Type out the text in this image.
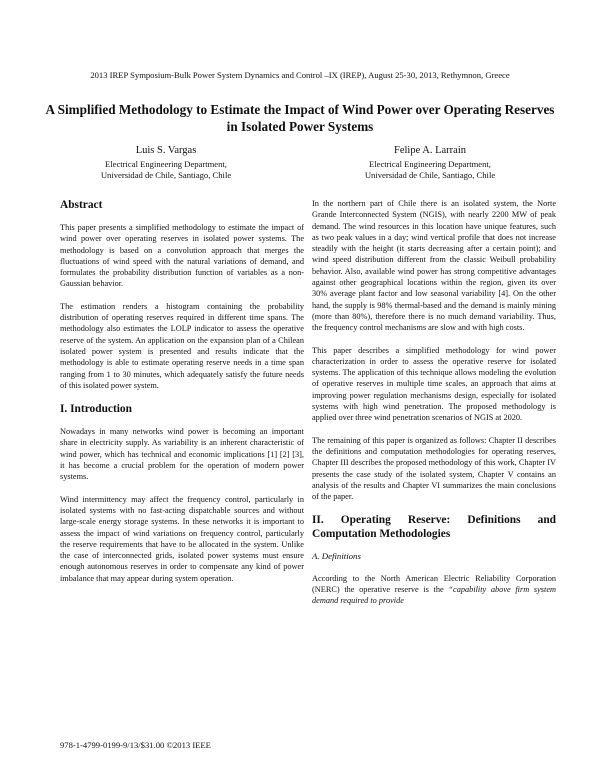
2013 IREP Symposium-Bulk Power System Dynamics and Control –IX (IREP), August 25-30, 2013, Rethymnon, Greece
A Simplified Methodology to Estimate the Impact of Wind Power over Operating Reserves in Isolated Power Systems
Luis S. Vargas
Electrical Engineering Department,
Universidad de Chile, Santiago, Chile
Felipe A. Larrain
Electrical Engineering Department,
Universidad de Chile, Santiago, Chile
Abstract

This paper presents a simplified methodology to estimate the impact of wind power over operating reserves in isolated power systems. The methodology is based on a convolution approach that merges the fluctuations of wind speed with the natural variations of demand, and formulates the probability distribution function of variables as a non-Gaussian behavior.

The estimation renders a histogram containing the probability distribution of operating reserves required in different time spans. The methodology also estimates the LOLP indicator to assess the operative reserve of the system. An application on the expansion plan of a Chilean isolated power system is presented and results indicate that the methodology is able to estimate operating reserve needs in a time span ranging from 1 to 30 minutes, which adequately satisfy the future needs of this isolated power system.

I. Introduction

Nowadays in many networks wind power is becoming an important share in electricity supply. As variability is an inherent characteristic of wind power, which has technical and economic implications [1] [2] [3], it has become a crucial problem for the operation of modern power systems.

Wind intermittency may affect the frequency control, particularly in isolated systems with no fast-acting dispatchable sources and without large-scale energy storage systems. In these networks it is important to assess the impact of wind variations on frequency control, particularly the reserve requirements that have to be allocated in the system. Unlike the case of interconnected grids, isolated power systems must ensure enough autonomous reserves in order to compensate any kind of power imbalance that may appear during system operation.

In the northern part of Chile there is an isolated system, the Norte Grande Interconnected System (NGIS), with nearly 2200 MW of peak demand. The wind resources in this location have unique features, such as two peak values in a day; wind vertical profile that does not increase steadily with the height (it starts decreasing after a certain point); and wind speed distribution different from the classic Weibull probability behavior. Also, available wind power has strong competitive advantages against other geographical locations within the region, given its over 30% average plant factor and low seasonal variability [4]. On the other hand, the supply is 98% thermal-based and the demand is mainly mining (more than 80%), therefore there is no much demand variability. Thus, the frequency control mechanisms are slow and with high costs.

This paper describes a simplified methodology for wind power characterization in order to assess the operative reserve for isolated systems. The application of this technique allows modeling the evolution of operative reserves in multiple time scales, an approach that aims at improving power regulation mechanisms design, especially for isolated systems with high wind penetration. The proposed methodology is applied over three wind penetration scenarios of NGIS at 2020.

The remaining of this paper is organized as follows: Chapter II describes the definitions and computation methodologies for operating reserves, Chapter III describes the proposed methodology of this work, Chapter IV presents the case study of the isolated system, Chapter V contains an analysis of the results and Chapter VI summarizes the main conclusions of the paper.

II. Operating Reserve: Definitions and Computation Methodologies
A. Definitions

According to the North American Electric Reliability Corporation (NERC) the operative reserve is the “capability above firm system demand required to provide

978-1-4799-0199-9/13/$31.00 ©2013 IEEE
